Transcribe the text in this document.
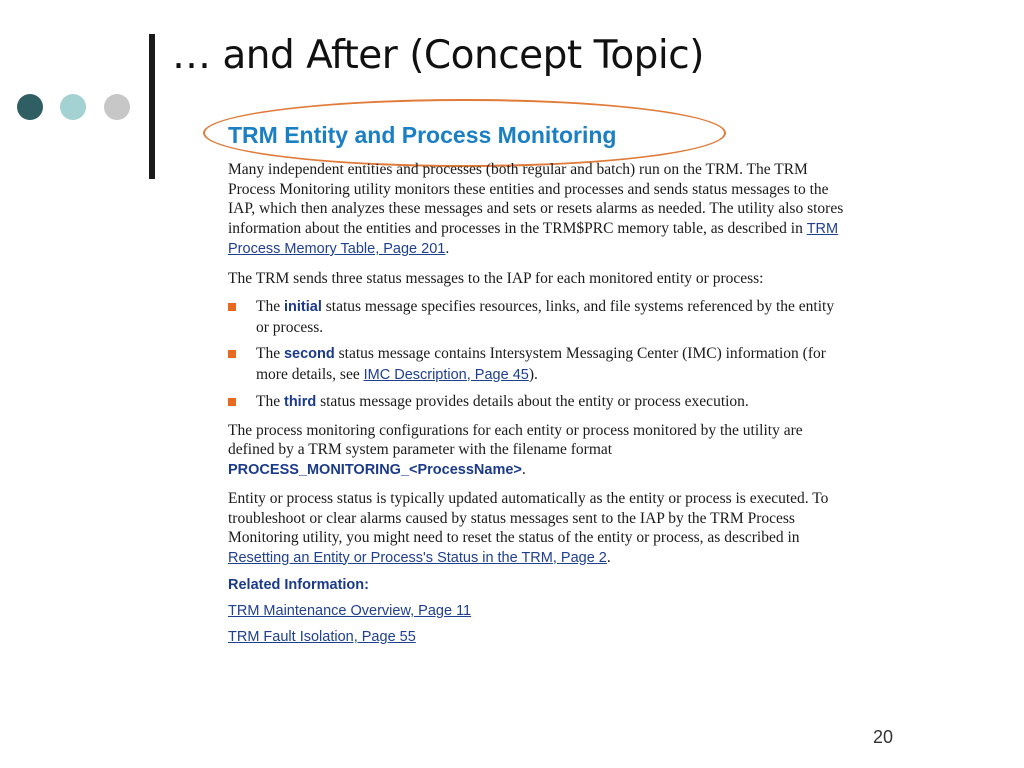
… and After (Concept Topic)
TRM Entity and Process Monitoring

Many independent entities and processes (both regular and batch) run on the TRM. The TRM Process Monitoring utility monitors these entities and processes and sends status messages to the IAP, which then analyzes these messages and sets or resets alarms as needed. The utility also stores information about the entities and processes in the TRM$PRC memory table, as described in TRM Process Memory Table, Page 201.

The TRM sends three status messages to the IAP for each monitored entity or process:

The initial status message specifies resources, links, and file systems referenced by the entity or process.
The second status message contains Intersystem Messaging Center (IMC) information (for more details, see IMC Description, Page 45).
The third status message provides details about the entity or process execution.

The process monitoring configurations for each entity or process monitored by the utility are defined by a TRM system parameter with the filename format PROCESS_MONITORING_<ProcessName>.

Entity or process status is typically updated automatically as the entity or process is executed. To troubleshoot or clear alarms caused by status messages sent to the IAP by the TRM Process Monitoring utility, you might need to reset the status of the entity or process, as described in Resetting an Entity or Process's Status in the TRM, Page 2.

Related Information:
TRM Maintenance Overview, Page 11
TRM Fault Isolation, Page 55
20
